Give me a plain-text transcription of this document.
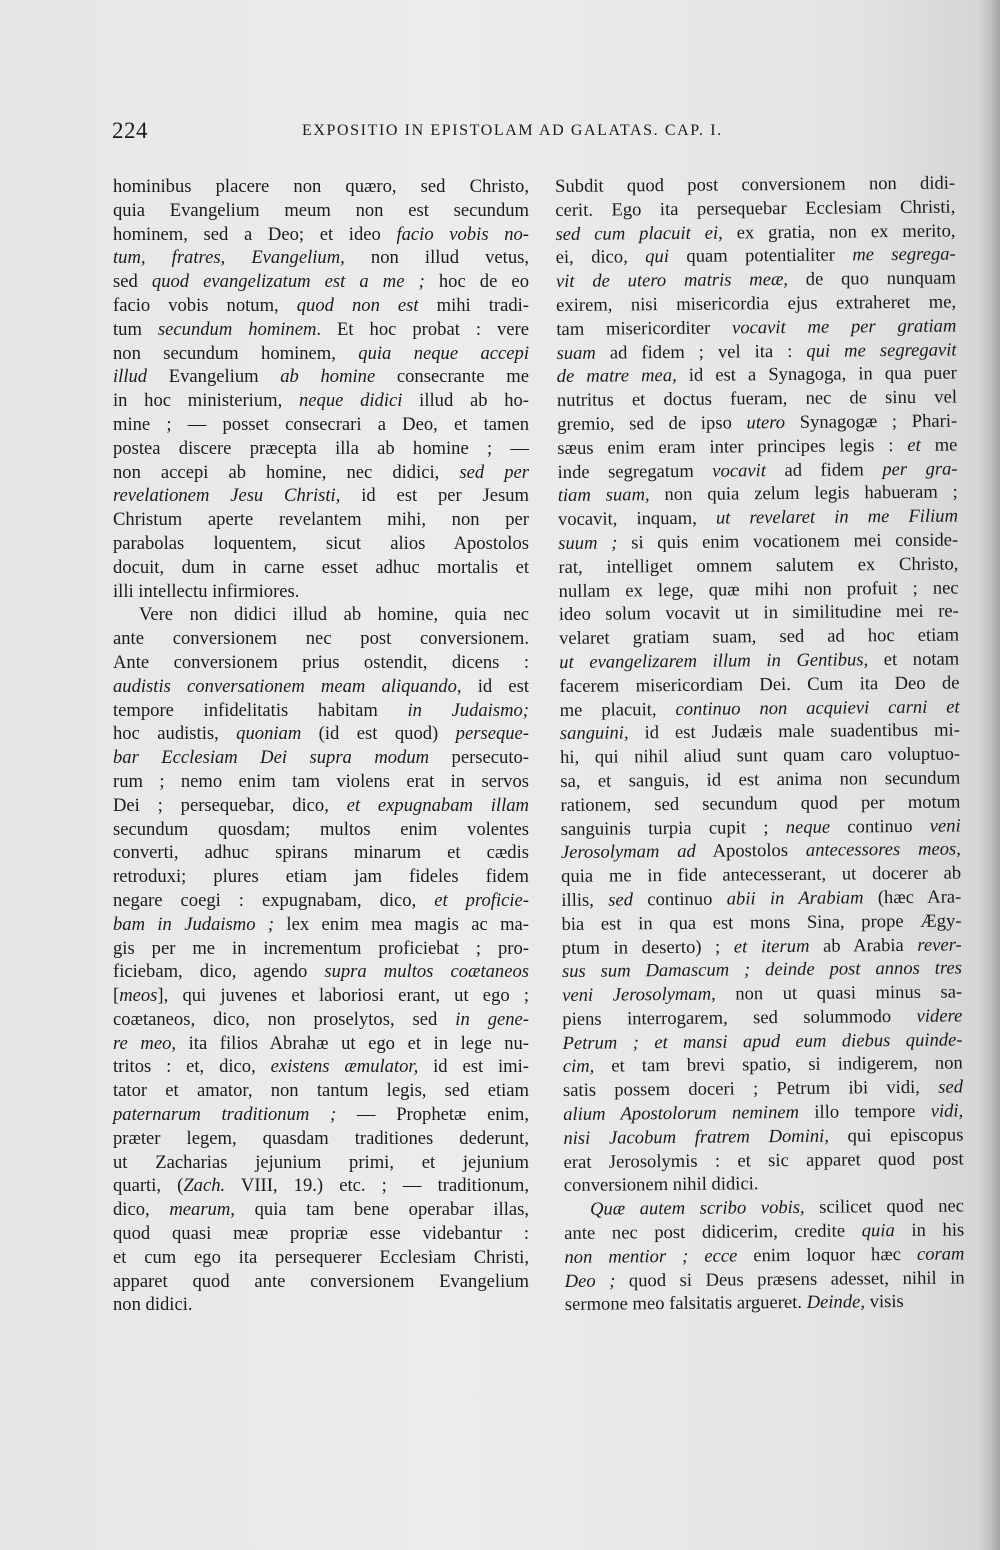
224	EXPOSITIO IN EPISTOLAM AD GALATAS. CAP. I.

hominibus placere non quæro, sed Christo,
quia Evangelium meum non est secundum
hominem, sed a Deo; et ideo facio vobis no-
tum, fratres, Evangelium, non illud vetus,
sed quod evangelizatum est a me ; hoc de eo
facio vobis notum, quod non est mihi tradi-
tum secundum hominem. Et hoc probat : vere
non secundum hominem, quia neque accepi
illud Evangelium ab homine consecrante me
in hoc ministerium, neque didici illud ab ho-
mine ; — posset consecrari a Deo, et tamen
postea discere præcepta illa ab homine ; —
non accepi ab homine, nec didici, sed per
revelationem Jesu Christi, id est per Jesum
Christum aperte revelantem mihi, non per
parabolas loquentem, sicut alios Apostolos
docuit, dum in carne esset adhuc mortalis et
illi intellectu infirmiores.

Vere non didici illud ab homine, quia nec
ante conversionem nec post conversionem.
Ante conversionem prius ostendit, dicens :
audistis conversationem meam aliquando, id est
tempore infidelitatis habitam in Judaismo;
hoc audistis, quoniam (id est quod) perseque-
bar Ecclesiam Dei supra modum persecuto-
rum ; nemo enim tam violens erat in servos
Dei ; persequebar, dico, et expugnabam illam
secundum quosdam; multos enim volentes
converti, adhuc spirans minarum et cædis
retroduxi; plures etiam jam fideles fidem
negare coegi : expugnabam, dico, et proficie-
bam in Judaismo ; lex enim mea magis ac ma-
gis per me in incrementum proficiebat ; pro-
ficiebam, dico, agendo supra multos coætaneos
[meos], qui juvenes et laboriosi erant, ut ego ;
coætaneos, dico, non proselytos, sed in gene-
re meo, ita filios Abrahæ ut ego et in lege nu-
tritos : et, dico, existens æmulator, id est imi-
tator et amator, non tantum legis, sed etiam
paternarum traditionum ; — Prophetæ enim,
præter legem, quasdam traditiones dederunt,
ut Zacharias jejunium primi, et jejunium
quarti, (Zach. VIII, 19.) etc. ; — traditionum,
dico, mearum, quia tam bene operabar illas,
quod quasi meæ propriæ esse videbantur :
et cum ego ita persequerer Ecclesiam Christi,
apparet quod ante conversionem Evangelium
non didici.

Subdit quod post conversionem non didi-
cerit. Ego ita persequebar Ecclesiam Christi,
sed cum placuit ei, ex gratia, non ex merito,
ei, dico, qui quam potentialiter me segrega-
vit de utero matris meæ, de quo nunquam
exirem, nisi misericordia ejus extraheret me,
tam misericorditer vocavit me per gratiam
suam ad fidem ; vel ita : qui me segregavit
de matre mea, id est a Synagoga, in qua puer
nutritus et doctus fueram, nec de sinu vel
gremio, sed de ipso utero Synagogæ ; Phari-
sæus enim eram inter principes legis : et me
inde segregatum vocavit ad fidem per gra-
tiam suam, non quia zelum legis habueram ;
vocavit, inquam, ut revelaret in me Filium
suum ; si quis enim vocationem mei conside-
rat, intelliget omnem salutem ex Christo,
nullam ex lege, quæ mihi non profuit ; nec
ideo solum vocavit ut in similitudine mei re-
velaret gratiam suam, sed ad hoc etiam
ut evangelizarem illum in Gentibus, et notam
facerem misericordiam Dei. Cum ita Deo de
me placuit, continuo non acquievi carni et
sanguini, id est Judæis male suadentibus mi-
hi, qui nihil aliud sunt quam caro voluptuo-
sa, et sanguis, id est anima non secundum
rationem, sed secundum quod per motum
sanguinis turpia cupit ; neque continuo veni
Jerosolymam ad Apostolos antecessores meos,
quia me in fide antecesserant, ut docerer ab
illis, sed continuo abii in Arabiam (hæc Ara-
bia est in qua est mons Sina, prope Ægy-
ptum in deserto) ; et iterum ab Arabia rever-
sus sum Damascum ; deinde post annos tres
veni Jerosolymam, non ut quasi minus sa-
piens interrogarem, sed solummodo videre
Petrum ; et mansi apud eum diebus quinde-
cim, et tam brevi spatio, si indigerem, non
satis possem doceri ; Petrum ibi vidi, sed
alium Apostolorum neminem illo tempore vidi,
nisi Jacobum fratrem Domini, qui episcopus
erat Jerosolymis : et sic apparet quod post
conversionem nihil didici.

Quæ autem scribo vobis, scilicet quod nec
ante nec post didicerim, credite quia in his
non mentior ; ecce enim loquor hæc coram
Deo ; quod si Deus præsens adesset, nihil in
sermone meo falsitatis argueret. Deinde, visis
